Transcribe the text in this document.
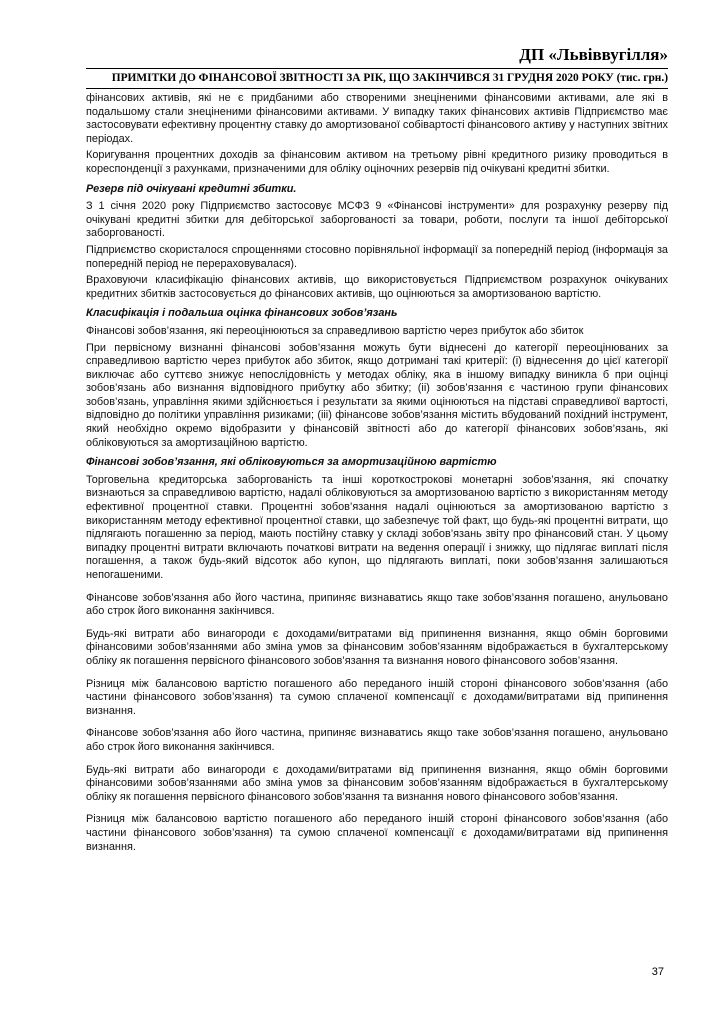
ДП «Львіввугілля»
ПРИМІТКИ ДО ФІНАНСОВОЇ ЗВІТНОСТІ ЗА РІК, ЩО ЗАКІНЧИВСЯ 31 ГРУДНЯ 2020 РОКУ (тис. грн.)

фінансових активів, які не є придбаними або створеними знеціненими фінансовими активами, але які в подальшому стали знеціненими фінансовими активами. У випадку таких фінансових активів Підприємство має застосовувати ефективну процентну ставку до амортизованої собівартості фінансового активу у наступних звітних періодах.

Коригування процентних доходів за фінансовим активом на третьому рівні кредитного ризику проводиться в кореспонденції з рахунками, призначеними для обліку оціночних резервів під очікувані кредитні збитки.

Резерв під очікувані кредитні збитки.

З 1 січня 2020 року Підприємство застосовує МСФЗ 9 «Фінансові інструменти» для розрахунку резерву під очікувані кредитні збитки для дебіторської заборгованості за товари, роботи, послуги та іншої дебіторської заборгованості.

Підприємство скористалося спрощеннями стосовно порівняльної інформації за попередній період (інформація за попередній період не перераховувалася).

Враховуючи класифікацію фінансових активів, що використовується Підприємством розрахунок очікуваних кредитних збитків застосовується до фінансових активів, що оцінюються за амортизованою вартістю.

Класифікація і подальша оцінка фінансових зобов’язань

Фінансові зобов’язання, які переоцінюються за справедливою вартістю через прибуток або збиток

При первісному визнанні фінансові зобов’язання можуть бути віднесені до категорії переоцінюваних за справедливою вартістю через прибуток або збиток, якщо дотримані такі критерії: (i) віднесення до цієї категорії виключає або суттєво знижує непослідовність у методах обліку, яка в іншому випадку виникла б при оцінці зобов’язань або визнання відповідного прибутку або збитку; (ii) зобов’язання є частиною групи фінансових зобов’язань, управління якими здійснюється і результати за якими оцінюються на підставі справедливої вартості, відповідно до політики управління ризиками; (iii) фінансове зобов’язання містить вбудований похідний інструмент, який необхідно окремо відобразити у фінансовій звітності або до категорії фінансових зобов’язань, які обліковуються за амортизаційною вартістю.

Фінансові зобов’язання, які обліковуються за амортизаційною вартістю

Торговельна кредиторська заборгованість та інші короткострокові монетарні зобов’язання, які спочатку визнаються за справедливою вартістю, надалі обліковуються за амортизованою вартістю з використанням методу ефективної процентної ставки. Процентні зобов’язання надалі оцінюються за амортизованою вартістю з використанням методу ефективної процентної ставки, що забезпечує той факт, що будь-які процентні витрати, що підлягають погашенню за період, мають постійну ставку у складі зобов’язань звіту про фінансовий стан. У цьому випадку процентні витрати включають початкові витрати на ведення операції і знижку, що підлягає виплаті після погашення, а також будь-який відсоток або купон, що підлягають виплаті, поки зобов’язання залишаються непогашеними.

Фінансове зобов’язання або його частина, припиняє визнаватись якщо таке зобов’язання погашено, анульовано або строк його виконання закінчився.

Будь-які витрати або винагороди є доходами/витратами від припинення визнання, якщо обмін борговими фінансовими зобов’язаннями або зміна умов за фінансовим зобов’язанням відображається в бухгалтерському обліку як погашення первісного фінансового зобов’язання та визнання нового фінансового зобов’язання.

Різниця між балансовою вартістю погашеного або переданого іншій стороні фінансового зобов’язання (або частини фінансового зобов’язання) та сумою сплаченої компенсації є доходами/витратами від припинення визнання.

Фінансове зобов’язання або його частина, припиняє визнаватись якщо таке зобов’язання погашено, анульовано або строк його виконання закінчився.

Будь-які витрати або винагороди є доходами/витратами від припинення визнання, якщо обмін борговими фінансовими зобов’язаннями або зміна умов за фінансовим зобов’язанням відображається в бухгалтерському обліку як погашення первісного фінансового зобов’язання та визнання нового фінансового зобов’язання.

Різниця між балансовою вартістю погашеного або переданого іншій стороні фінансового зобов’язання (або частини фінансового зобов’язання) та сумою сплаченої компенсації є доходами/витратами від припинення визнання.

37
